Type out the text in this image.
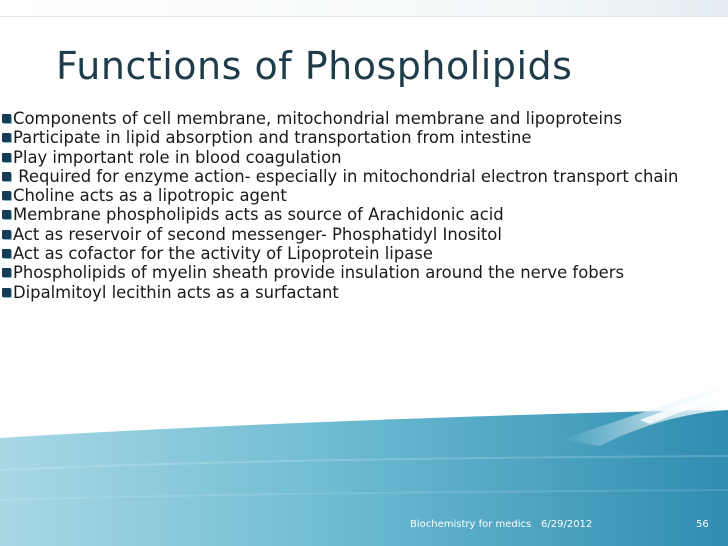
Functions of Phospholipids
Components of cell membrane, mitochondrial membrane and lipoproteins
Participate in lipid absorption and transportation from intestine
Play important role in blood coagulation
Required for enzyme action- especially in mitochondrial electron transport chain
Choline acts as a lipotropic agent
Membrane phospholipids acts as source of Arachidonic acid
Act as reservoir of second messenger- Phosphatidyl Inositol
Act as cofactor for the activity of Lipoprotein lipase
Phospholipids of myelin sheath provide insulation around the nerve fobers
Dipalmitoyl lecithin acts as a surfactant
Biochemistry for medics 6/29/2012	56
